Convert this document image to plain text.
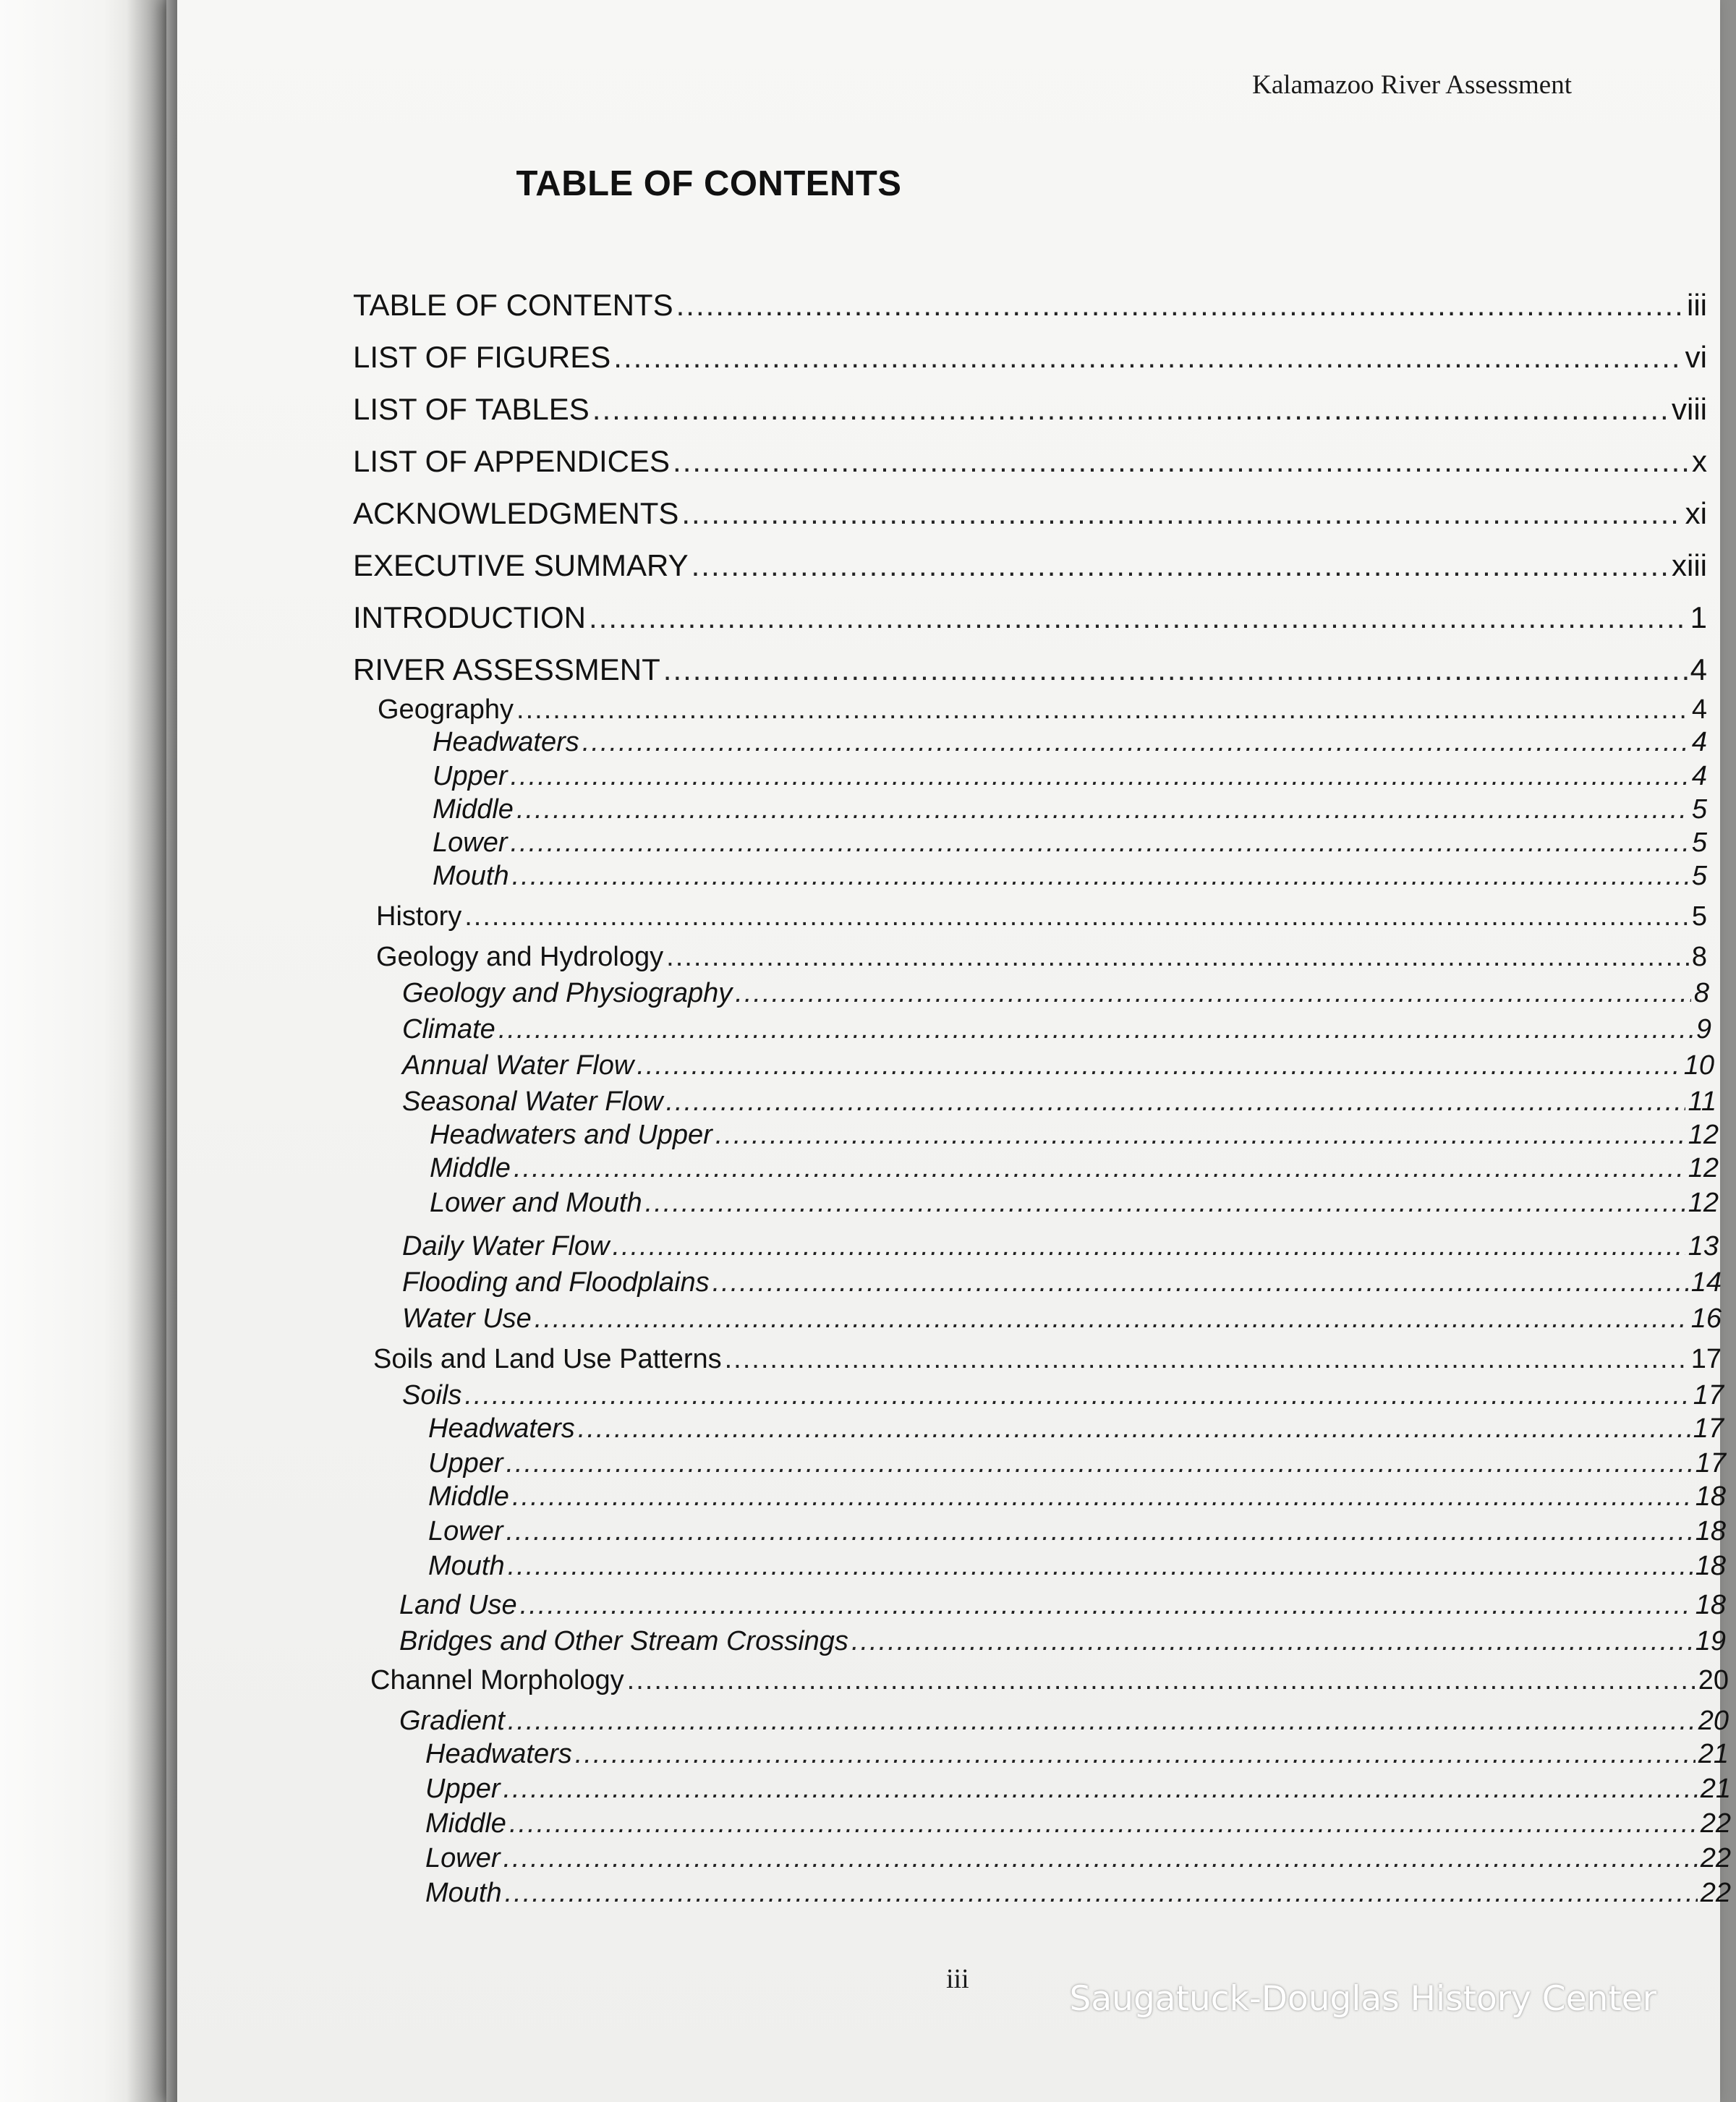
Kalamazoo River Assessment
TABLE OF CONTENTS
TABLE OF CONTENTS .....	iii
LIST OF FIGURES .....	vi
LIST OF TABLES .....	viii
LIST OF APPENDICES .....	x
ACKNOWLEDGMENTS .....	xi
EXECUTIVE SUMMARY .....	xiii
INTRODUCTION .....	1
RIVER ASSESSMENT .....	4
Geography .....	4
Headwaters .....	4
Upper .....	4
Middle .....	5
Lower .....	5
Mouth .....	5
History .....	5
Geology and Hydrology .....	8
Geology and Physiography .....	8
Climate .....	9
Annual Water Flow .....	10
Seasonal Water Flow .....	11
Headwaters and Upper .....	12
Middle .....	12
Lower and Mouth .....	12
Daily Water Flow .....	13
Flooding and Floodplains .....	14
Water Use .....	16
Soils and Land Use Patterns .....	17
Soils .....	17
Headwaters .....	17
Upper .....	17
Middle .....	18
Lower .....	18
Mouth .....	18
Land Use .....	18
Bridges and Other Stream Crossings .....	19
Channel Morphology .....	20
Gradient .....	20
Headwaters .....	21
Upper .....	21
Middle .....	22
Lower .....	22
Mouth .....	22
iii	Saugatuck-Douglas History Center
